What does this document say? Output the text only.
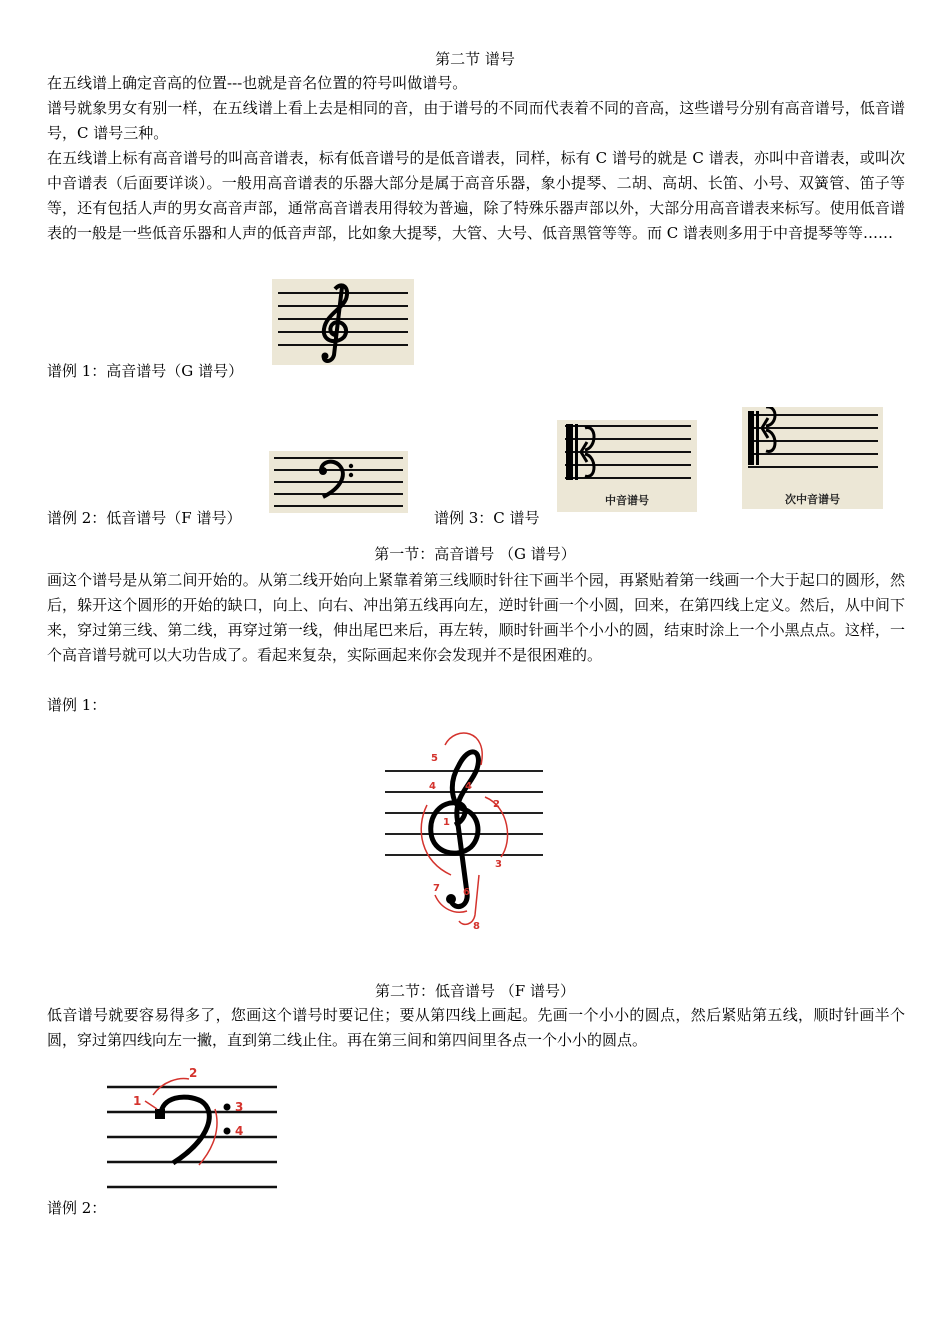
第二节 谱号
在五线谱上确定音高的位置---也就是音名位置的符号叫做谱号。
谱号就象男女有别一样，在五线谱上看上去是相同的音，由于谱号的不同而代表着不同的音高，这些谱号分别有高音谱号，低音谱号，C 谱号三种。
在五线谱上标有高音谱号的叫高音谱表，标有低音谱号的是低音谱表，同样，标有 C 谱号的就是 C 谱表，亦叫中音谱表，或叫次中音谱表（后面要详谈）。一般用高音谱表的乐器大部分是属于高音乐器，象小提琴、二胡、高胡、长笛、小号、双簧管、笛子等等，还有包括人声的男女高音声部，通常高音谱表用得较为普遍，除了特殊乐器声部以外，大部分用高音谱表来标写。使用低音谱表的一般是一些低音乐器和人声的低音声部，比如象大提琴，大管、大号、低音黑管等等。而 C 谱表则多用于中音提琴等等……
谱例 1：高音谱号（G 谱号）
谱例 2：低音谱号（F 谱号）
中音谱号	次中音谱号
谱例 3：C 谱号
第一节：高音谱号 （G 谱号）
画这个谱号是从第二间开始的。从第二线开始向上紧靠着第三线顺时针往下画半个园，再紧贴着第一线画一个大于起口的圆形，然后，躲开这个圆形的开始的缺口，向上、向右、冲出第五线再向左，逆时针画一个小圆，回来，在第四线上定义。然后，从中间下来，穿过第三线、第二线，再穿过第一线，伸出尾巴来后，再左转，顺时针画半个小小的圆，结束时涂上一个小黑点点。这样，一个高音谱号就可以大功告成了。看起来复杂，实际画起来你会发现并不是很困难的。
谱例 1：
1
2
3
4	4
5
6
7
8
第二节：低音谱号 （F 谱号）
低音谱号就要容易得多了，您画这个谱号时要记住；要从第四线上画起。先画一个小小的圆点，然后紧贴第五线，顺时针画半个圆，穿过第四线向左一撇，直到第二线止住。再在第三间和第四间里各点一个小小的圆点。
1
2
3
4
谱例 2：
